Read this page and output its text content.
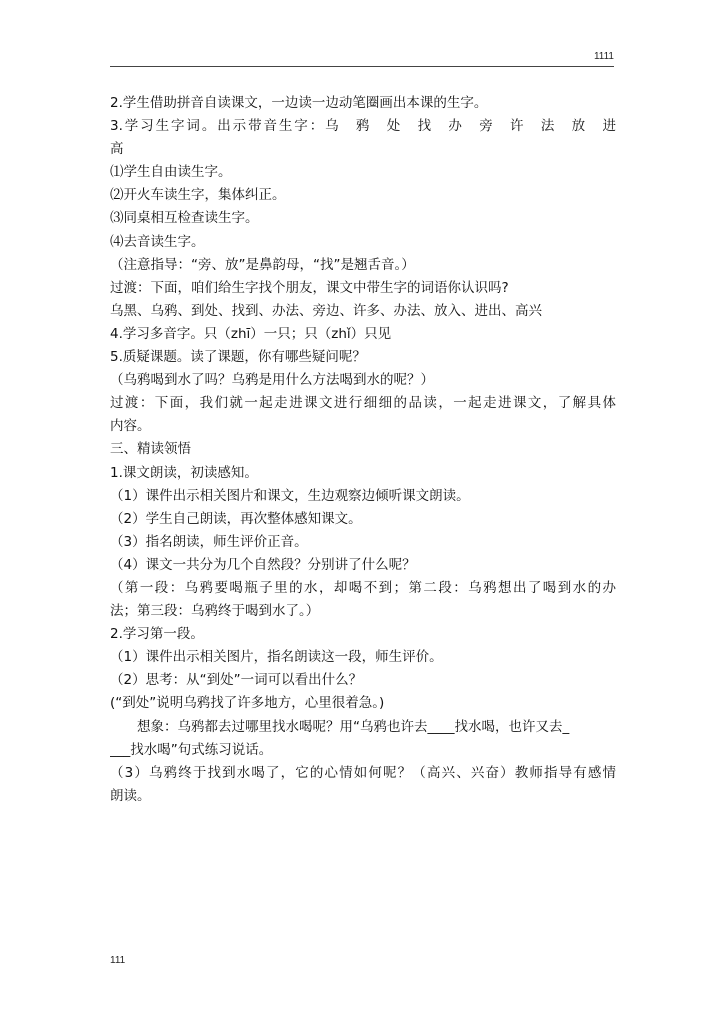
1111
2.学生借助拼音自读课文，一边读一边动笔圈画出本课的生字。
3.学习生字词。出示带音生字：乌　鸦　处　找　办　旁　许　法　放　进
高
⑴学生自由读生字。
⑵开火车读生字，集体纠正。
⑶同桌相互检查读生字。
⑷去音读生字。
（注意指导：“旁、放”是鼻韵母，“找”是翘舌音。）
过渡：下面，咱们给生字找个朋友，课文中带生字的词语你认识吗?
乌黑、乌鸦、到处、找到、办法、旁边、许多、办法、放入、进出、高兴
4.学习多音字。只（zhī）一只；只（zhǐ）只见
5.质疑课题。读了课题，你有哪些疑问呢？
（乌鸦喝到水了吗？乌鸦是用什么方法喝到水的呢？）
过渡：下面，我们就一起走进课文进行细细的品读，一起走进课文，了解具体
内容。
三、精读领悟
1.课文朗读，初读感知。
（1）课件出示相关图片和课文，生边观察边倾听课文朗读。
（2）学生自己朗读，再次整体感知课文。
（3）指名朗读，师生评价正音。
（4）课文一共分为几个自然段？分别讲了什么呢？
（第一段：乌鸦要喝瓶子里的水，却喝不到；第二段：乌鸦想出了喝到水的办
法；第三段：乌鸦终于喝到水了。）
2.学习第一段。
（1）课件出示相关图片，指名朗读这一段，师生评价。
（2）思考：从“到处”一词可以看出什么？
(“到处”说明乌鸦找了许多地方，心里很着急。)
想象：乌鸦都去过哪里找水喝呢？用“乌鸦也许去____找水喝，也许又去_
___找水喝”句式练习说话。
（3）乌鸦终于找到水喝了，它的心情如何呢？（高兴、兴奋）教师指导有感情
朗读。
111
